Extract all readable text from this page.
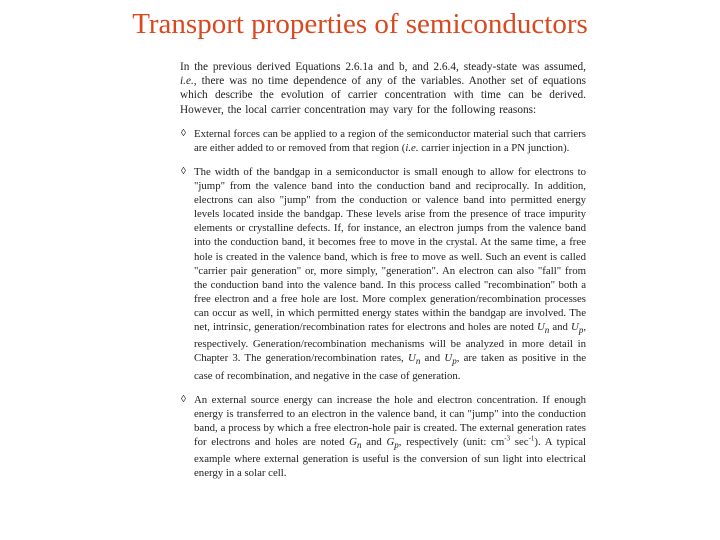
Transport properties of semiconductors

In the previous derived Equations 2.6.1a and b, and 2.6.4, steady-state was assumed, i.e., there was no time dependence of any of the variables. Another set of equations which describe the evolution of carrier concentration with time can be derived. However, the local carrier concentration may vary for the following reasons:

◊ External forces can be applied to a region of the semiconductor material such that carriers are either added to or removed from that region (i.e. carrier injection in a PN junction).

◊ The width of the bandgap in a semiconductor is small enough to allow for electrons to "jump" from the valence band into the conduction band and reciprocally. In addition, electrons can also "jump" from the conduction or valence band into permitted energy levels located inside the bandgap. These levels arise from the presence of trace impurity elements or crystalline defects. If, for instance, an electron jumps from the valence band into the conduction band, it becomes free to move in the crystal. At the same time, a free hole is created in the valence band, which is free to move as well. Such an event is called "carrier pair generation" or, more simply, "generation". An electron can also "fall" from the conduction band into the valence band. In this process called "recombination" both a free electron and a free hole are lost. More complex generation/recombination processes can occur as well, in which permitted energy states within the bandgap are involved. The net, intrinsic, generation/recombination rates for electrons and holes are noted $U_n$ and $U_p$, respectively. Generation/recombination mechanisms will be analyzed in more detail in Chapter 3. The generation/recombination rates, $U_n$ and $U_p$, are taken as positive in the case of recombination, and negative in the case of generation.

◊ An external source energy can increase the hole and electron concentration. If enough energy is transferred to an electron in the valence band, it can "jump" into the conduction band, a process by which a free electron-hole pair is created. The external generation rates for electrons and holes are noted $G_n$ and $G_p$, respectively (unit: $cm^{-3}$ $\sec^{-1}$). A typical example where external generation is useful is the conversion of sun light into electrical energy in a solar cell.
